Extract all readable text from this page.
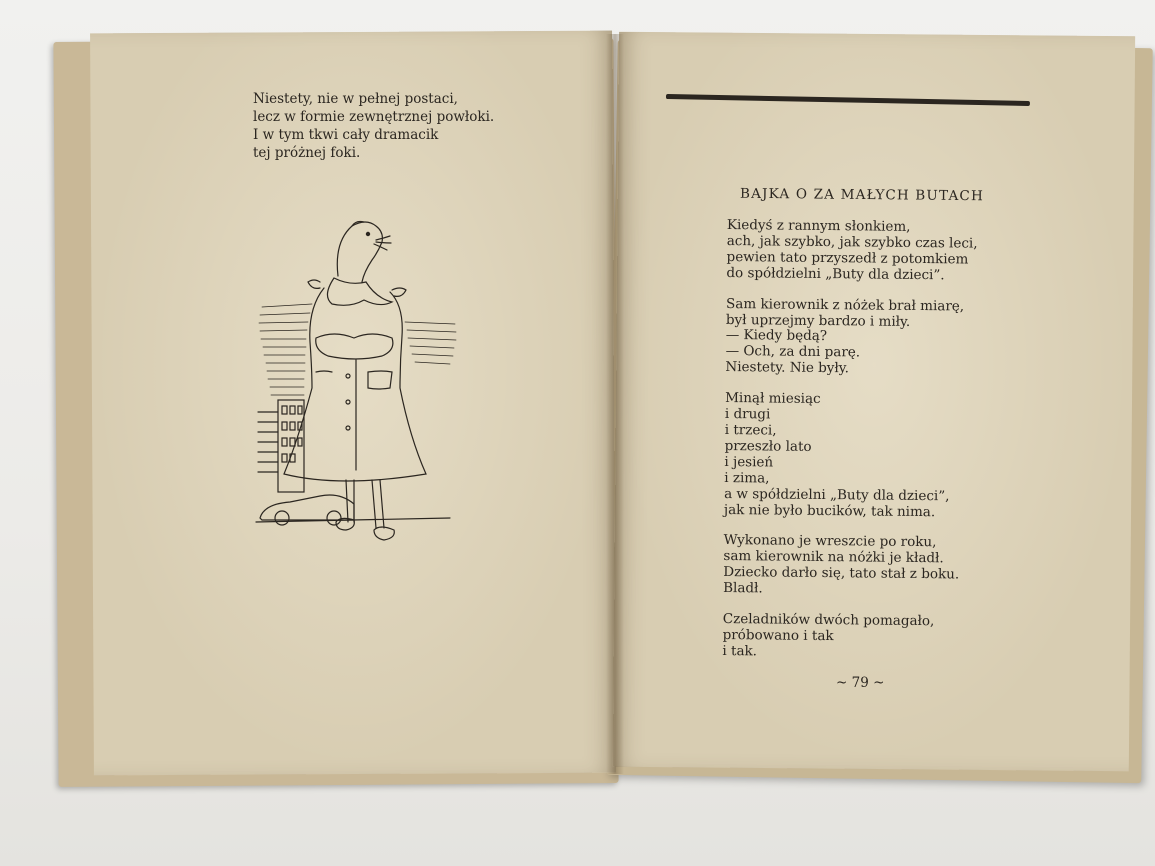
Niestety, nie w pełnej postaci,
lecz w formie zewnętrznej powłoki.
I w tym tkwi cały dramacik
tej próżnej foki.
BAJKA O ZA MAŁYCH BUTACH
Kiedyś z rannym słonkiem,
ach, jak szybko, jak szybko czas leci,
pewien tato przyszedł z potomkiem
do spółdzielni „Buty dla dzieci”.
Sam kierownik z nóżek brał miarę,
był uprzejmy bardzo i miły.
— Kiedy będą?
— Och, za dni parę.
Niestety. Nie były.
Minął miesiąc
i drugi
i trzeci,
przeszło lato
i jesień
i zima,
a w spółdzielni „Buty dla dzieci”,
jak nie było bucików, tak nima.
Wykonano je wreszcie po roku,
sam kierownik na nóżki je kładł.
Dziecko darło się, tato stał z boku.
Bladł.
Czeladników dwóch pomagało,
próbowano i tak
i tak.
~ 79 ~
